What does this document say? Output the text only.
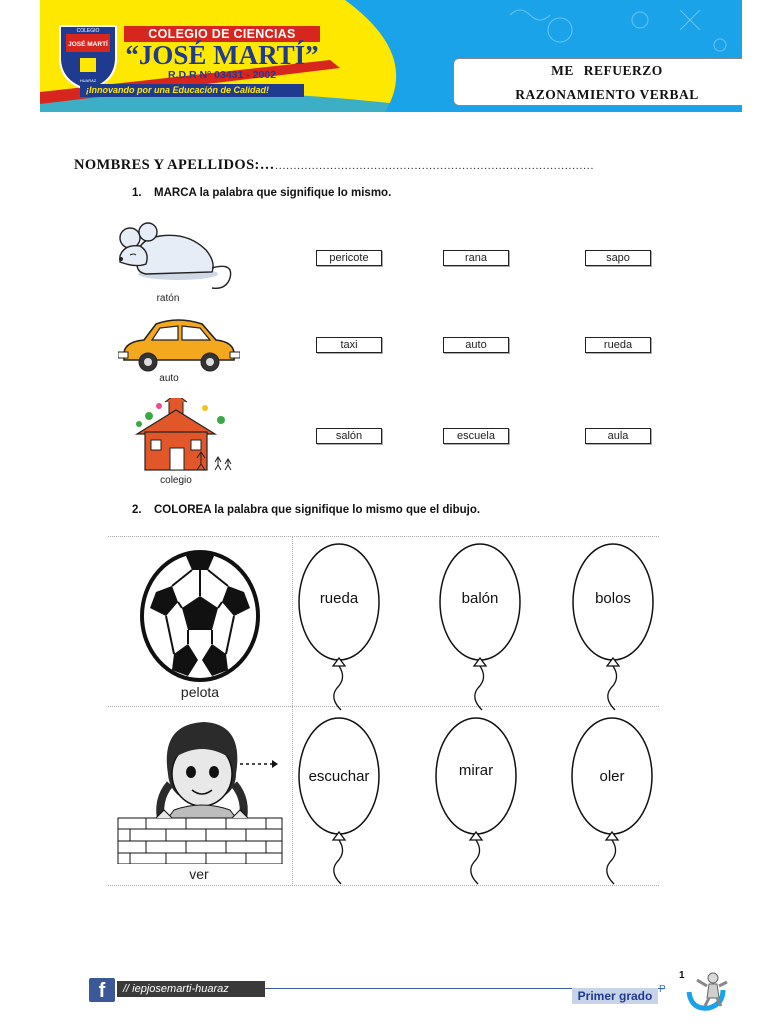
COLEGIO
JOSÉ MARTÍ
HUARAZ
COLEGIO DE CIENCIAS
“JOSÉ MARTÍ”
R.D.R N° 03431 - 2002
¡Innovando por una Educación de Calidad!
ME REFUERZO
RAZONAMIENTO VERBAL
NOMBRES Y APELLIDOS:………………………………………………………………………………
1. MARCA la palabra que signifique lo mismo.
ratón
pericote	rana	sapo
auto
taxi	auto	rueda
colegio
salón	escuela	aula
2. COLOREA la palabra que signifique lo mismo que el dibujo.
pelota
rueda	balón	bolos
ver
escuchar	mirar	oler
f	// iepjosemarti-huaraz	Primer grado P
1
